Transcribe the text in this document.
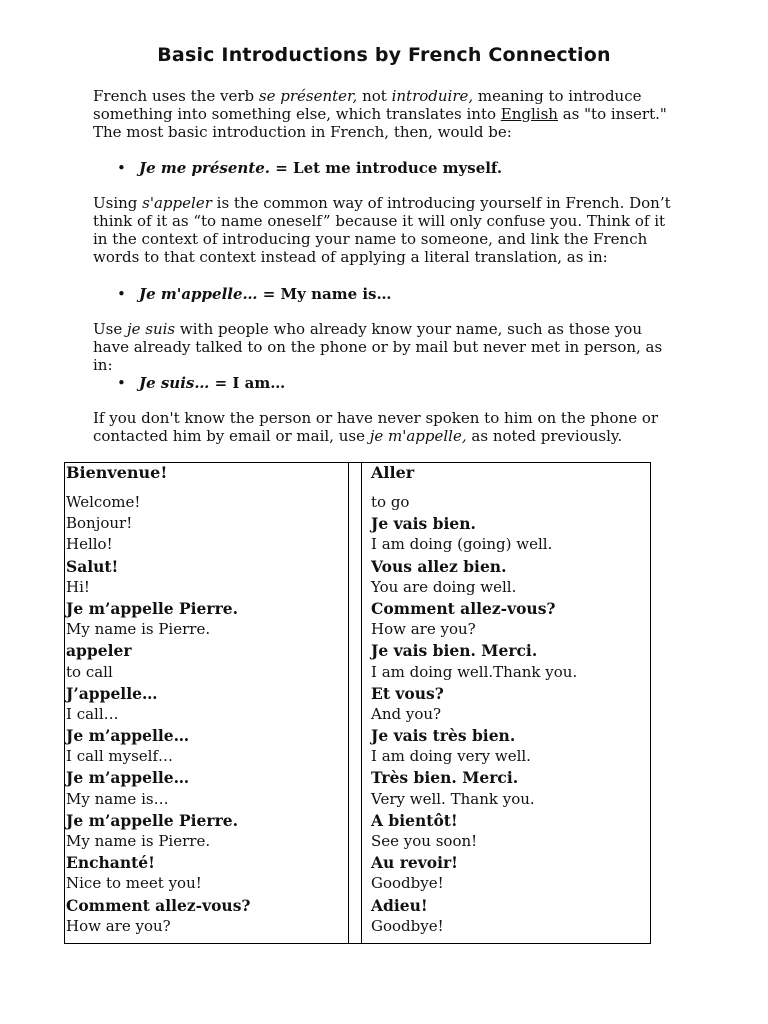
Basic Introductions by French Connection
French uses the verb se présenter, not introduire, meaning to introduce something into something else, which translates into English as "to insert." The most basic introduction in French, then, would be:
• Je me présente. = Let me introduce myself.
Using s'appeler is the common way of introducing yourself in French. Don’t think of it as “to name oneself” because it will only confuse you. Think of it in the context of introducing your name to someone, and link the French words to that context instead of applying a literal translation, as in:
• Je m'appelle… = My name is…
Use je suis with people who already know your name, such as those you have already talked to on the phone or by mail but never met in person, as in:
• Je suis… = I am…
If you don't know the person or have never spoken to him on the phone or contacted him by email or mail, use je m'appelle, as noted previously.
Bienvenue!
Welcome!
Bonjour!
Hello!
Salut!
Hi!
Je m’appelle Pierre.
My name is Pierre.
appeler
to call
J’appelle…
I call…
Je m’appelle…
I call myself…
Je m’appelle…
My name is…
Je m’appelle Pierre.
My name is Pierre.
Enchanté!
Nice to meet you!
Comment allez-vous?
How are you?
Aller
to go
Je vais bien.
I am doing (going) well.
Vous allez bien.
You are doing well.
Comment allez-vous?
How are you?
Je vais bien. Merci.
I am doing well.Thank you.
Et vous?
And you?
Je vais très bien.
I am doing very well.
Très bien. Merci.
Very well. Thank you.
A bientôt!
See you soon!
Au revoir!
Goodbye!
Adieu!
Goodbye!
